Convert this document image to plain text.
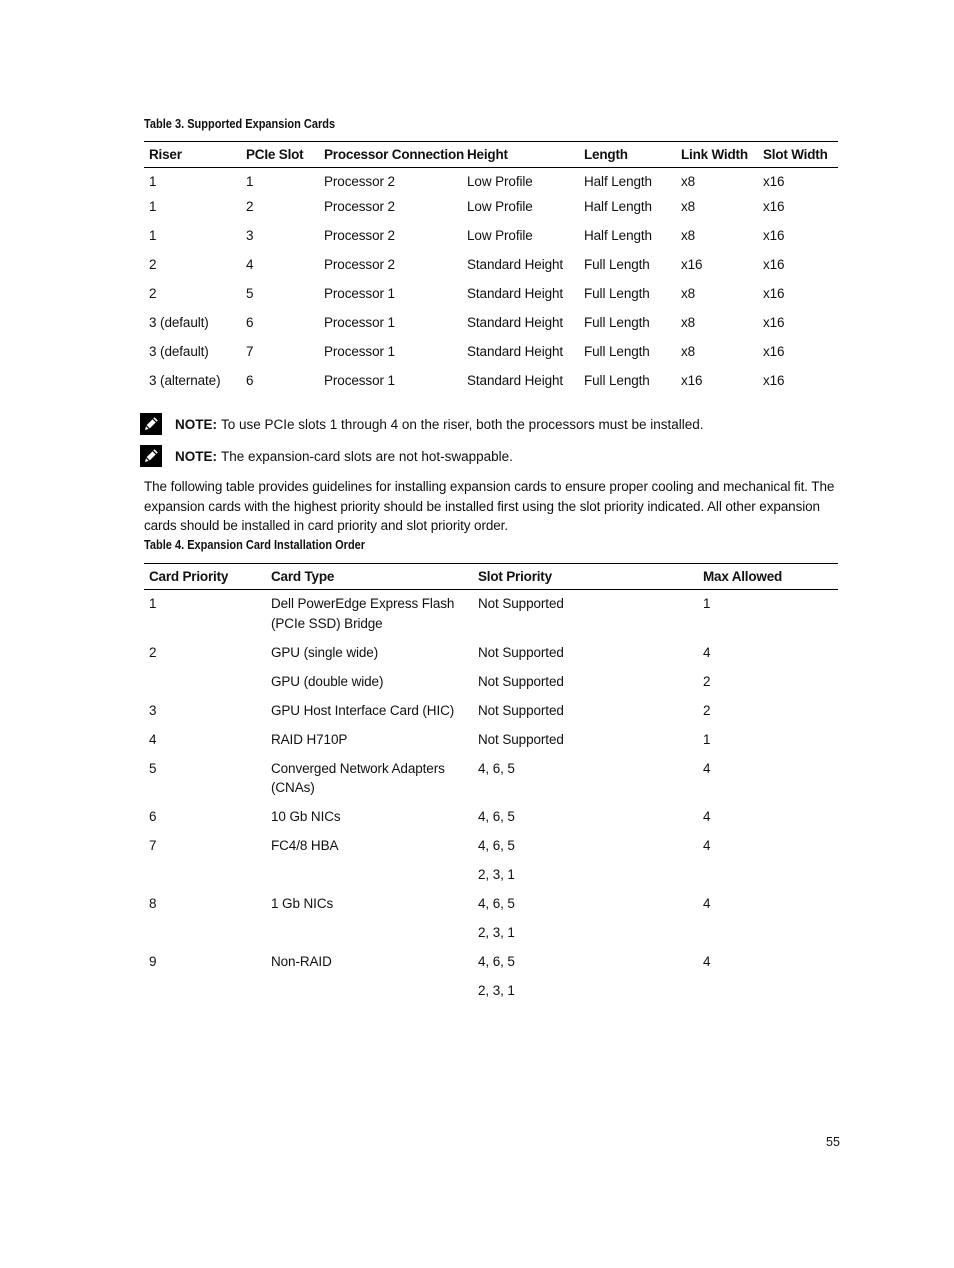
Table 3. Supported Expansion Cards
Riser	PCIe Slot	Processor Connection	Height	Length	Link Width	Slot Width
1	1	Processor 2	Low Profile	Half Length	x8	x16
1	2	Processor 2	Low Profile	Half Length	x8	x16
1	3	Processor 2	Low Profile	Half Length	x8	x16
2	4	Processor 2	Standard Height	Full Length	x16	x16
2	5	Processor 1	Standard Height	Full Length	x8	x16
3 (default)	6	Processor 1	Standard Height	Full Length	x8	x16
3 (default)	7	Processor 1	Standard Height	Full Length	x8	x16
3 (alternate)	6	Processor 1	Standard Height	Full Length	x16	x16
NOTE: To use PCIe slots 1 through 4 on the riser, both the processors must be installed.
NOTE: The expansion-card slots are not hot-swappable.
The following table provides guidelines for installing expansion cards to ensure proper cooling and mechanical fit. The expansion cards with the highest priority should be installed first using the slot priority indicated. All other expansion cards should be installed in card priority and slot priority order.
Table 4. Expansion Card Installation Order
Card Priority	Card Type	Slot Priority	Max Allowed
1	Dell PowerEdge Express Flash (PCIe SSD) Bridge	Not Supported	1
2	GPU (single wide)	Not Supported	4
	GPU (double wide)	Not Supported	2
3	GPU Host Interface Card (HIC)	Not Supported	2
4	RAID H710P	Not Supported	1
5	Converged Network Adapters (CNAs)	4, 6, 5	4
6	10 Gb NICs	4, 6, 5	4
7	FC4/8 HBA	4, 6, 5	4
		2, 3, 1	
8	1 Gb NICs	4, 6, 5	4
		2, 3, 1	
9	Non-RAID	4, 6, 5	4
		2, 3, 1	
55
